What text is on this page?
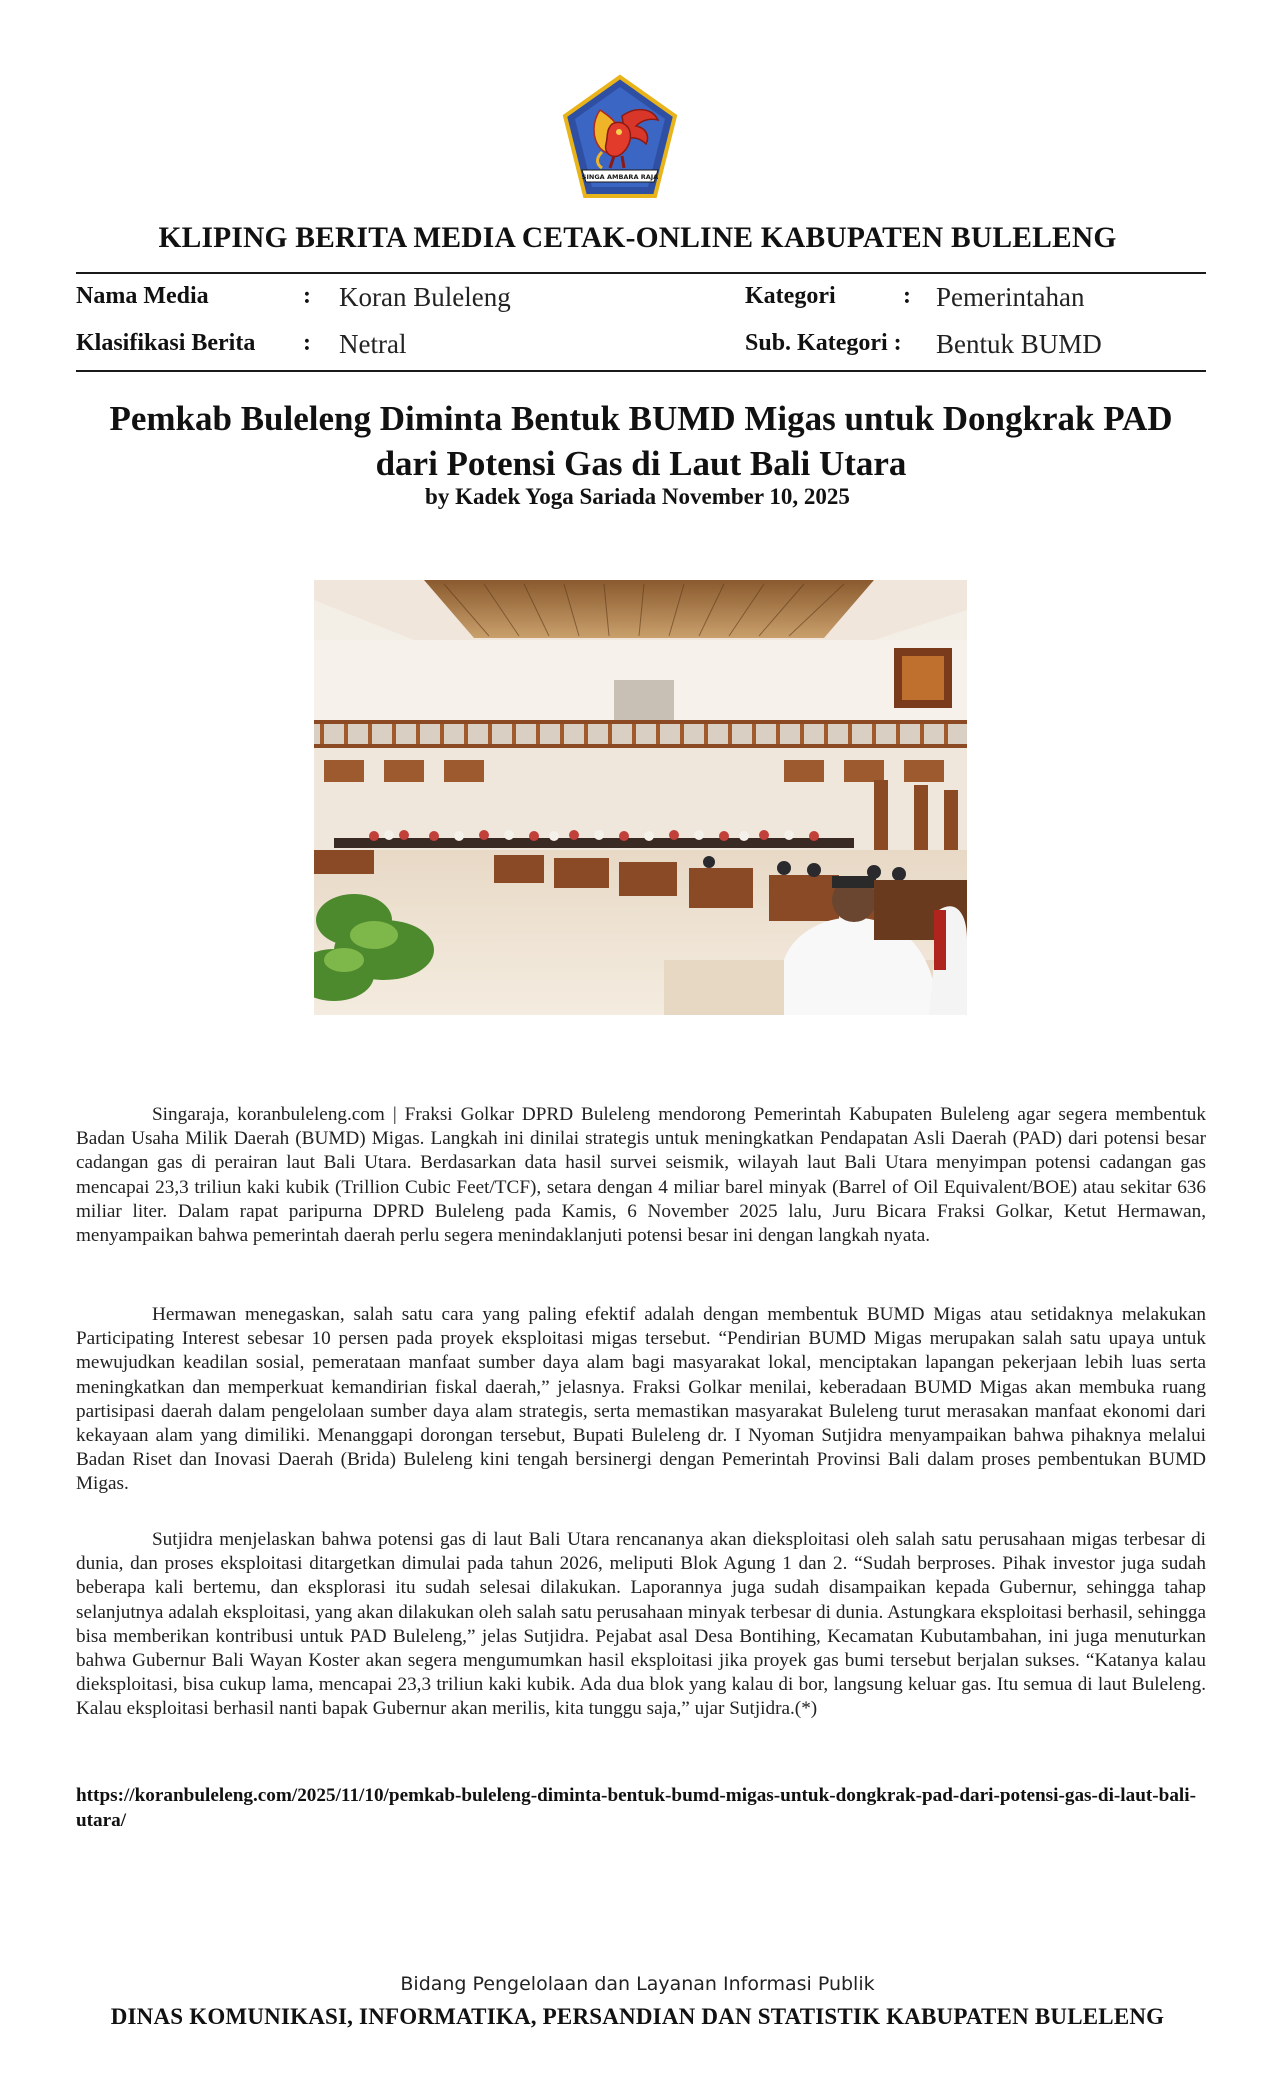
SINGA AMBARA RAJA
KLIPING BERITA MEDIA CETAK-ONLINE KABUPATEN BULELENG
Nama Media	: Koran Buleleng	Kategori	: Pemerintahan
Klasifikasi Berita : Netral	Sub. Kategori : Bentuk BUMD
Pemkab Buleleng Diminta Bentuk BUMD Migas untuk Dongkrak PAD dari Potensi Gas di Laut Bali Utara
by Kadek Yoga Sariada November 10, 2025
Singaraja, koranbuleleng.com | Fraksi Golkar DPRD Buleleng mendorong Pemerintah Kabupaten Buleleng agar segera membentuk Badan Usaha Milik Daerah (BUMD) Migas. Langkah ini dinilai strategis untuk meningkatkan Pendapatan Asli Daerah (PAD) dari potensi besar cadangan gas di perairan laut Bali Utara. Berdasarkan data hasil survei seismik, wilayah laut Bali Utara menyimpan potensi cadangan gas mencapai 23,3 triliun kaki kubik (Trillion Cubic Feet/TCF), setara dengan 4 miliar barel minyak (Barrel of Oil Equivalent/BOE) atau sekitar 636 miliar liter. Dalam rapat paripurna DPRD Buleleng pada Kamis, 6 November 2025 lalu, Juru Bicara Fraksi Golkar, Ketut Hermawan, menyampaikan bahwa pemerintah daerah perlu segera menindaklanjuti potensi besar ini dengan langkah nyata.
Hermawan menegaskan, salah satu cara yang paling efektif adalah dengan membentuk BUMD Migas atau setidaknya melakukan Participating Interest sebesar 10 persen pada proyek eksploitasi migas tersebut. “Pendirian BUMD Migas merupakan salah satu upaya untuk mewujudkan keadilan sosial, pemerataan manfaat sumber daya alam bagi masyarakat lokal, menciptakan lapangan pekerjaan lebih luas serta meningkatkan dan memperkuat kemandirian fiskal daerah,” jelasnya. Fraksi Golkar menilai, keberadaan BUMD Migas akan membuka ruang partisipasi daerah dalam pengelolaan sumber daya alam strategis, serta memastikan masyarakat Buleleng turut merasakan manfaat ekonomi dari kekayaan alam yang dimiliki. Menanggapi dorongan tersebut, Bupati Buleleng dr. I Nyoman Sutjidra menyampaikan bahwa pihaknya melalui Badan Riset dan Inovasi Daerah (Brida) Buleleng kini tengah bersinergi dengan Pemerintah Provinsi Bali dalam proses pembentukan BUMD Migas.
Sutjidra menjelaskan bahwa potensi gas di laut Bali Utara rencananya akan dieksploitasi oleh salah satu perusahaan migas terbesar di dunia, dan proses eksploitasi ditargetkan dimulai pada tahun 2026, meliputi Blok Agung 1 dan 2. “Sudah berproses. Pihak investor juga sudah beberapa kali bertemu, dan eksplorasi itu sudah selesai dilakukan. Laporannya juga sudah disampaikan kepada Gubernur, sehingga tahap selanjutnya adalah eksploitasi, yang akan dilakukan oleh salah satu perusahaan minyak terbesar di dunia. Astungkara eksploitasi berhasil, sehingga bisa memberikan kontribusi untuk PAD Buleleng,” jelas Sutjidra. Pejabat asal Desa Bontihing, Kecamatan Kubutambahan, ini juga menuturkan bahwa Gubernur Bali Wayan Koster akan segera mengumumkan hasil eksploitasi jika proyek gas bumi tersebut berjalan sukses. “Katanya kalau dieksploitasi, bisa cukup lama, mencapai 23,3 triliun kaki kubik. Ada dua blok yang kalau di bor, langsung keluar gas. Itu semua di laut Buleleng. Kalau eksploitasi berhasil nanti bapak Gubernur akan merilis, kita tunggu saja,” ujar Sutjidra.(*)
https://koranbuleleng.com/2025/11/10/pemkab-buleleng-diminta-bentuk-bumd-migas-untuk-dongkrak-pad-dari-potensi-gas-di-laut-bali-utara/
Bidang Pengelolaan dan Layanan Informasi Publik
DINAS KOMUNIKASI, INFORMATIKA, PERSANDIAN DAN STATISTIK KABUPATEN BULELENG
